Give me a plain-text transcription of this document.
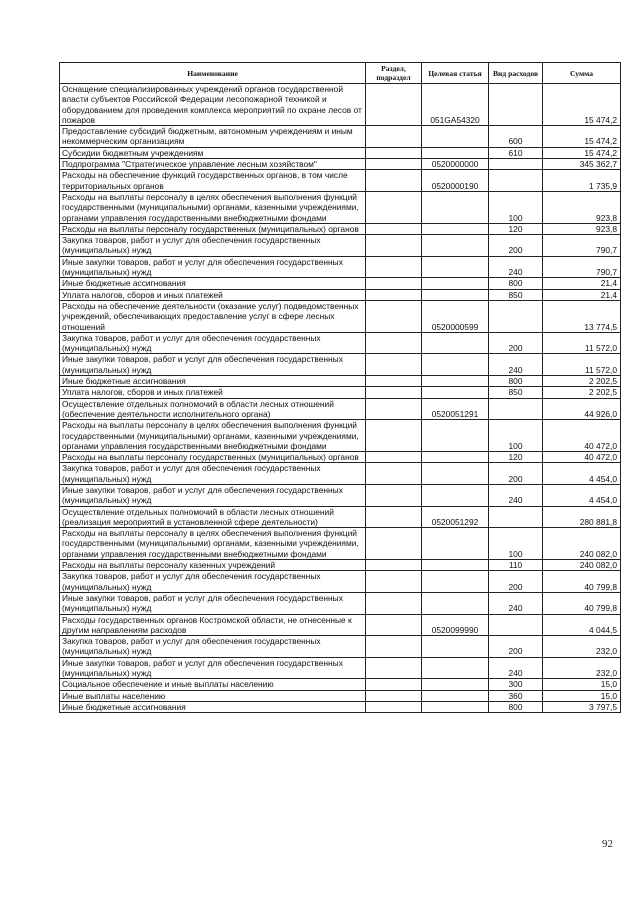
Наименование	Раздел, подраздел	Целевая статья	Вид расходов	Сумма
Оснащение специализированных учреждений органов государственной власти субъектов Российской Федерации лесопожарной техникой и оборудованием для проведения комплекса мероприятий по охране лесов от пожаров		051GA54320		15 474,2
Предоставление субсидий бюджетным, автономным учреждениям и иным некоммерческим организациям			600	15 474,2
Субсидии бюджетным учреждениям			610	15 474,2
Подпрограмма "Стратегическое управление лесным хозяйством"		0520000000		345 362,7
Расходы на обеспечение функций государственных органов, в том числе территориальных органов		0520000190		1 735,9
Расходы на выплаты персоналу в целях обеспечения выполнения функций государственными (муниципальными) органами, казенными учреждениями, органами управления государственными внебюджетными фондами			100	923,8
Расходы на выплаты персоналу государственных (муниципальных) органов			120	923,8
Закупка товаров, работ и услуг для обеспечения государственных (муниципальных) нужд			200	790,7
Иные закупки товаров, работ и услуг для обеспечения государственных (муниципальных) нужд			240	790,7
Иные бюджетные ассигнования			800	21,4
Уплата налогов, сборов и иных платежей			850	21,4
Расходы на обеспечение деятельности (оказание услуг) подведомственных учреждений, обеспечивающих предоставление услуг в сфере лесных отношений		0520000599		13 774,5
Закупка товаров, работ и услуг для обеспечения государственных (муниципальных) нужд			200	11 572,0
Иные закупки товаров, работ и услуг для обеспечения государственных (муниципальных) нужд			240	11 572,0
Иные бюджетные ассигнования			800	2 202,5
Уплата налогов, сборов и иных платежей			850	2 202,5
Осуществление отдельных полномочий в области лесных отношений (обеспечение деятельности исполнительного органа)		0520051291		44 926,0
Расходы на выплаты персоналу в целях обеспечения выполнения функций государственными (муниципальными) органами, казенными учреждениями, органами управления государственными внебюджетными фондами			100	40 472,0
Расходы на выплаты персоналу государственных (муниципальных) органов			120	40 472,0
Закупка товаров, работ и услуг для обеспечения государственных (муниципальных) нужд			200	4 454,0
Иные закупки товаров, работ и услуг для обеспечения государственных (муниципальных) нужд			240	4 454,0
Осуществление отдельных полномочий в области лесных отношений (реализация мероприятий в установленной сфере деятельности)		0520051292		280 881,8
Расходы на выплаты персоналу в целях обеспечения выполнения функций государственными (муниципальными) органами, казенными учреждениями, органами управления государственными внебюджетными фондами			100	240 082,0
Расходы на выплаты персоналу казенных учреждений			110	240 082,0
Закупка товаров, работ и услуг для обеспечения государственных (муниципальных) нужд			200	40 799,8
Иные закупки товаров, работ и услуг для обеспечения государственных (муниципальных) нужд			240	40 799,8
Расходы государственных органов Костромской области, не отнесенные к другим направлениям расходов		0520099990		4 044,5
Закупка товаров, работ и услуг для обеспечения государственных (муниципальных) нужд			200	232,0
Иные закупки товаров, работ и услуг для обеспечения государственных (муниципальных) нужд			240	232,0
Социальное обеспечение и иные выплаты населению			300	15,0
Иные выплаты населению			360	15,0
Иные бюджетные ассигнования			800	3 797,5
92
